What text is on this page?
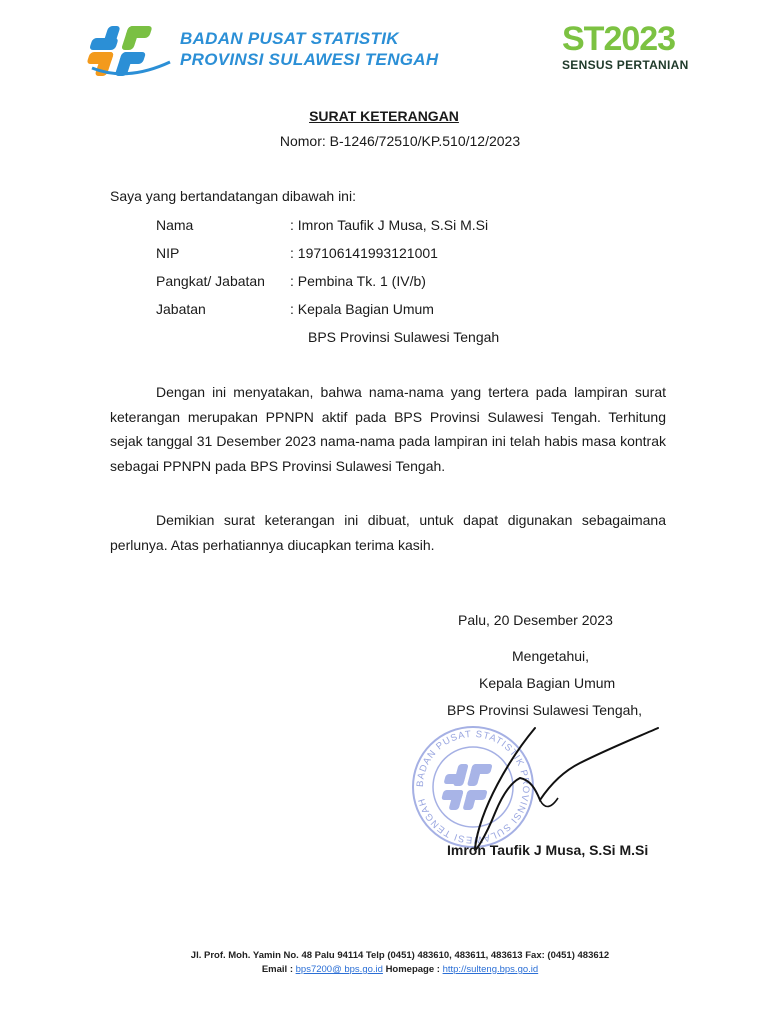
BADAN PUSAT STATISTIK
PROVINSI SULAWESI TENGAH
ST2023
SENSUS PERTANIAN
SURAT KETERANGAN
Nomor: B-1246/72510/KP.510/12/2023
Saya yang bertandatangan dibawah ini:
Nama	: Imron Taufik J Musa, S.Si M.Si
NIP	: 197106141993121001
Pangkat/ Jabatan : Pembina Tk. 1 (IV/b)
Jabatan	: Kepala Bagian Umum
BPS Provinsi Sulawesi Tengah

Dengan ini menyatakan, bahwa nama-nama yang tertera pada lampiran surat keterangan merupakan PPNPN aktif pada BPS Provinsi Sulawesi Tengah. Terhitung sejak tanggal 31 Desember 2023 nama-nama pada lampiran ini telah habis masa kontrak sebagai PPNPN pada BPS Provinsi Sulawesi Tengah.

Demikian surat keterangan ini dibuat, untuk dapat digunakan sebagaimana perlunya. Atas perhatiannya diucapkan terima kasih.

Palu, 20 Desember 2023
Mengetahui,
Kepala Bagian Umum
BPS Provinsi Sulawesi Tengah,
BADAN PUSAT STATISTIK PROVINSI SULAWESI TENGAH
Imron Taufik J Musa, S.Si M.Si
Jl. Prof. Moh. Yamin No. 48 Palu 94114 Telp (0451) 483610, 483611, 483613 Fax: (0451) 483612
Email : bps7200@ bps.go.id Homepage : http://sulteng.bps.go.id
